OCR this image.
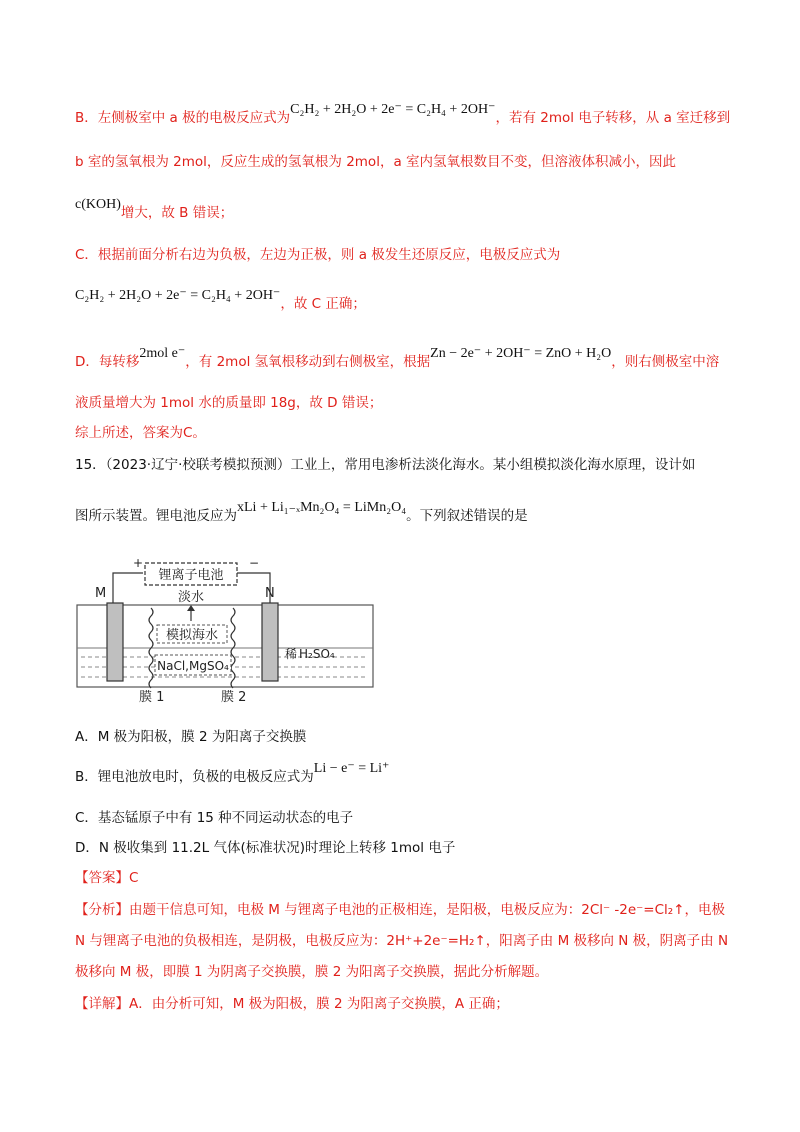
B．左侧极室中 a 极的电极反应式为C₂H₂ + 2H₂O + 2e⁻ = C₂H₄ + 2OH⁻，若有 2mol 电子转移，从 a 室迁移到
b 室的氢氧根为 2mol，反应生成的氢氧根为 2mol，a 室内氢氧根数目不变，但溶液体积减小，因此
c(KOH)增大，故 B 错误；
C．根据前面分析右边为负极，左边为正极，则 a 极发生还原反应，电极反应式为
C₂H₂ + 2H₂O + 2e⁻ = C₂H₄ + 2OH⁻，故 C 正确；
D．每转移2mol e⁻，有 2mol 氢氧根移动到右侧极室，根据Zn − 2e⁻ + 2OH⁻ = ZnO + H₂O，则右侧极室中溶
液质量增大为 1mol 水的质量即 18g，故 D 错误；
综上所述，答案为C。
15．（2023·辽宁·校联考模拟预测）工业上，常用电渗析法淡化海水。某小组模拟淡化海水原理，设计如
图所示装置。锂电池反应为xLi + Li₁₋ₓMn₂O₄ = LiMn₂O₄。下列叙述错误的是
锂离子电池
+	−
M	N
淡水
模拟海水
NaCl,MgSO₄
稀 H₂SO₄
膜 1	膜 2
A．M 极为阳极，膜 2 为阳离子交换膜
B．锂电池放电时，负极的电极反应式为Li − e⁻ = Li⁺
C．基态锰原子中有 15 种不同运动状态的电子
D．N 极收集到 11.2L 气体(标准状况)时理论上转移 1mol 电子
【答案】C
【分析】由题干信息可知，电极 M 与锂离子电池的正极相连，是阳极，电极反应为：2Cl⁻ -2e⁻=Cl₂↑，电极
N 与锂离子电池的负极相连，是阴极，电极反应为：2H⁺+2e⁻=H₂↑，阳离子由 M 极移向 N 极，阴离子由 N
极移向 M 极，即膜 1 为阴离子交换膜，膜 2 为阳离子交换膜，据此分析解题。
【详解】A．由分析可知，M 极为阳极，膜 2 为阳离子交换膜，A 正确；
